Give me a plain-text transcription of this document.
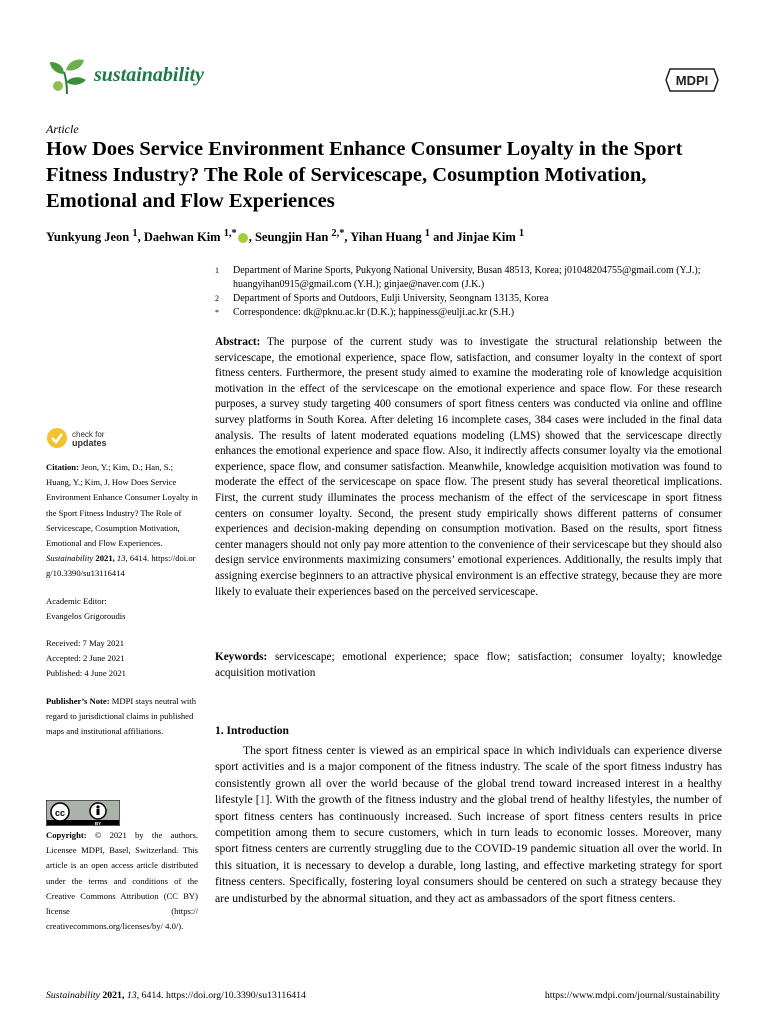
sustainability	MDPI
Article
How Does Service Environment Enhance Consumer Loyalty in the Sport Fitness Industry? The Role of Servicescape, Cosumption Motivation, Emotional and Flow Experiences
Yunkyung Jeon $^1$, Daehwan Kim $^{1,*}$ , Seungjin Han $^{2,*}$, Yihan Huang $^1$ and Jinjae Kim $^1$
1	Department of Marine Sports, Pukyong National University, Busan 48513, Korea; j01048204755@gmail.com (Y.J.); huangyihan0915@gmail.com (Y.H.); ginjae@naver.com (J.K.)
2	Department of Sports and Outdoors, Eulji University, Seongnam 13135, Korea
*	Correspondence: dk@pknu.ac.kr (D.K.); happiness@eulji.ac.kr (S.H.)
Abstract: The purpose of the current study was to investigate the structural relationship between the servicescape, the emotional experience, space flow, satisfaction, and consumer loyalty in the context of sport fitness centers. Furthermore, the present study aimed to examine the moderating role of knowledge acquisition motivation in the effect of the servicescape on the emotional experience and space flow. For these research purposes, a survey study targeting 400 consumers of sport fitness centers was conducted via online and offline survey platforms in South Korea. After deleting 16 incomplete cases, 384 cases were included in the final data analysis. The results of latent moderated equations modeling (LMS) showed that the servicescape directly enhances the emotional experience and space flow. Also, it indirectly affects consumer loyalty via the emotional experience, space flow, and consumer satisfaction. Meanwhile, knowledge acquisition motivation was found to moderate the effect of the servicescape on space flow. The present study has several theoretical implications. First, the current study illuminates the process mechanism of the effect of the servicescape in sport fitness centers on consumer loyalty. Second, the present study empirically shows different patterns of consumer experiences and decision-making depending on consumption motivation. Based on the results, sport fitness center managers should not only pay more attention to the convenience of their servicescape but they should also design service environments maximizing consumers’ emotional experiences. Additionally, the results imply that assigning exercise beginners to an attractive physical environment is an effective strategy, because they are more likely to evaluate their experiences based on the perceived servicescape.
Keywords: servicescape; emotional experience; space flow; satisfaction; consumer loyalty; knowledge acquisition motivation
1. Introduction
The sport fitness center is viewed as an empirical space in which individuals can experience diverse sport activities and is a major component of the fitness industry. The scale of the sport fitness industry has consistently grown all over the world because of the global trend toward increased interest in a healthy lifestyle [1]. With the growth of the fitness industry and the global trend of healthy lifestyles, the number of sport fitness centers has continuously increased. Such increase of sport fitness centers results in price competition among them to secure customers, which in turn leads to economic losses. Moreover, many sport fitness centers are currently struggling due to the COVID-19 pandemic situation all over the world. In this situation, it is necessary to develop a durable, long lasting, and effective marketing strategy for sport fitness centers. Specifically, fostering loyal consumers should be centered on such a strategy because they are undisturbed by the abnormal situation, and they act as ambassadors of the sport fitness centers.
check for
updates
Citation: Jeon, Y.; Kim, D.; Han, S.; Huang, Y.; Kim, J. How Does Service Environment Enhance Consumer Loyalty in the Sport Fitness Industry? The Role of Servicescape, Cosumption Motivation, Emotional and Flow Experiences. Sustainability 2021, 13, 6414. https://doi.org/10.3390/su13116414
Academic Editor:
Evangelos Grigoroudis
Received: 7 May 2021
Accepted: 2 June 2021
Published: 4 June 2021
Publisher’s Note: MDPI stays neutral with regard to jurisdictional claims in published maps and institutional affiliations.
cc
BY
Copyright: © 2021 by the authors. Licensee MDPI, Basel, Switzerland. This article is an open access article distributed under the terms and conditions of the Creative Commons Attribution (CC BY) license (https:// creativecommons.org/licenses/by/ 4.0/).
Sustainability 2021, 13, 6414. https://doi.org/10.3390/su13116414	https://www.mdpi.com/journal/sustainability
